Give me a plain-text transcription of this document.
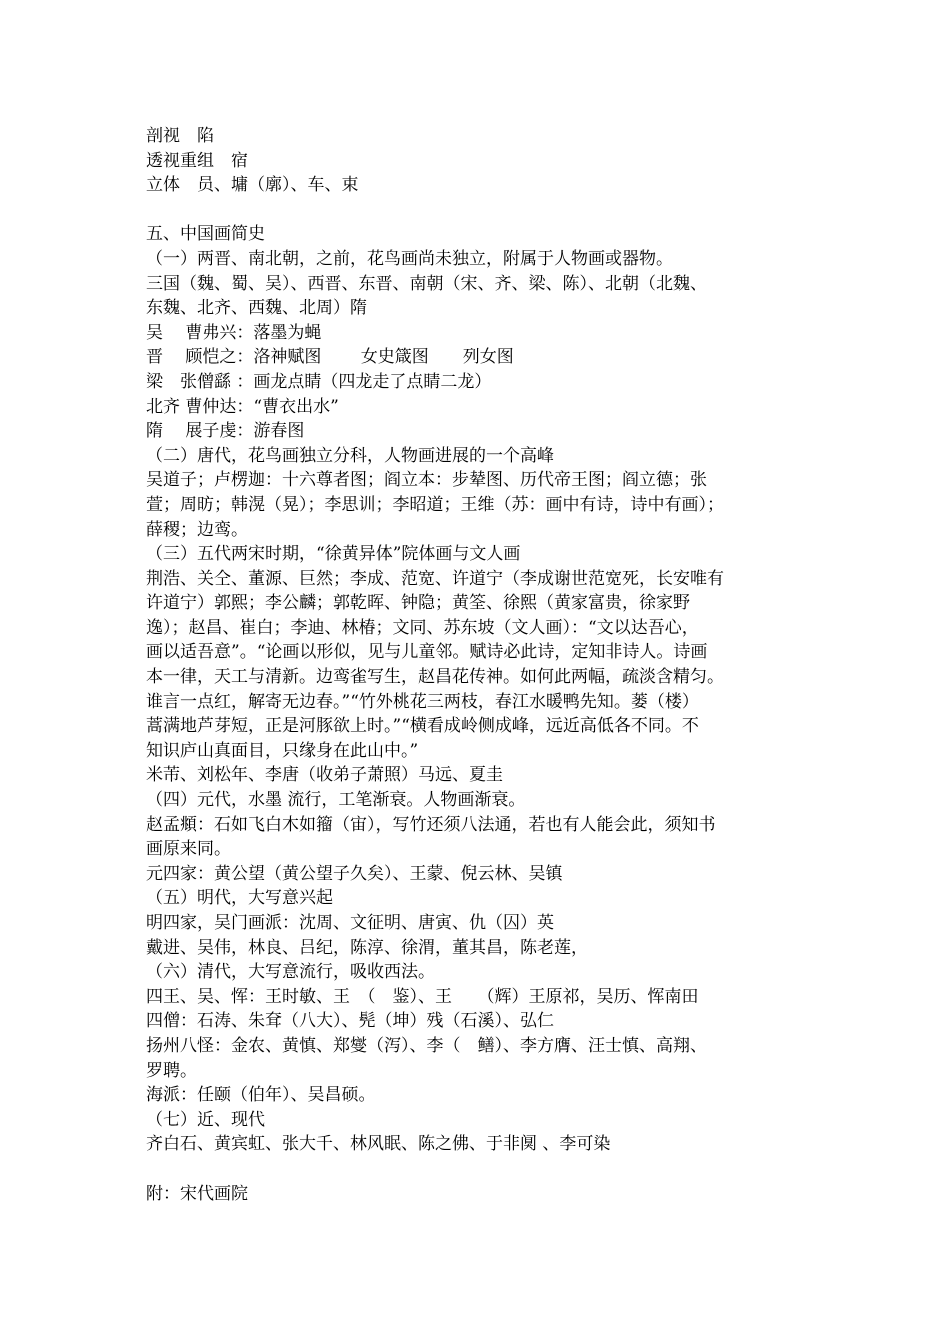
剖视　陷

透视重组　宿

立体　员、墉（廓）、车、束

五、中国画简史

（一）两晋、南北朝，之前，花鸟画尚未独立，附属于人物画或器物。

三国（魏、蜀、吴）、西晋、东晋、南朝（宋、齐、梁、陈）、北朝（北魏、

东魏、北齐、西魏、北周）隋

吴　 曹弗兴：落墨为蝇

晋　 顾恺之：洛神赋图　　 女史箴图　　列女图

梁　张僧繇 ：画龙点睛（四龙走了点睛二龙）

北齐 曹仲达：“曹衣出水”

隋　 展子虔：游春图

（二）唐代，花鸟画独立分科，人物画进展的一个高峰

吴道子；卢楞迦：十六尊者图；阎立本：步辇图、历代帝王图；阎立德；张

萱；周昉；韩滉（晃）；李思训；李昭道；王维（苏：画中有诗，诗中有画）；

薛稷；边鸾。

（三）五代两宋时期，“徐黄异体”院体画与文人画

荆浩、关仝、董源、巨然；李成、范宽、许道宁（李成谢世范宽死，长安唯有

许道宁）郭熙；李公麟；郭乾晖、钟隐；黄筌、徐熙（黄家富贵，徐家野

逸）；赵昌、崔白；李迪、林椿；文同、苏东坡（文人画）：“文以达吾心，

画以适吾意”。“论画以形似，见与儿童邻。赋诗必此诗，定知非诗人。诗画

本一律，天工与清新。边鸾雀写生，赵昌花传神。如何此两幅，疏淡含精匀。

谁言一点红，解寄无边春。”“竹外桃花三两枝，春江水暖鸭先知。蒌（楼）

蒿满地芦芽短，正是河豚欲上时。”“横看成岭侧成峰，远近高低各不同。不

知识庐山真面目，只缘身在此山中。”

米芾、刘松年、李唐（收弟子萧照）马远、夏圭

（四）元代，水墨 流行，工笔渐衰。人物画渐衰。

赵孟頫：石如飞白木如籀（宙），写竹还须八法通，若也有人能会此，须知书

画原来同。

元四家：黄公望（黄公望子久矣）、王蒙、倪云林、吴镇

（五）明代，大写意兴起

明四家，吴门画派：沈周、文征明、唐寅、仇（囚）英

戴进、吴伟，林良、吕纪，陈淳、徐渭，董其昌，陈老莲，

（六）清代，大写意流行，吸收西法。

四王、吴、恽：王时敏、王　（　鉴）、王　　（辉）王原祁，吴历、恽南田

四僧：石涛、朱耷（八大）、髡（坤）残（石溪）、弘仁

扬州八怪：金农、黄慎、郑燮（泻）、李（　鳝）、李方膺、汪士慎、高翔、

罗聘。

海派：任颐（伯年）、吴昌硕。

（七）近、现代

齐白石、黄宾虹、张大千、林风眠、陈之佛、于非阒 、李可染

附：宋代画院
